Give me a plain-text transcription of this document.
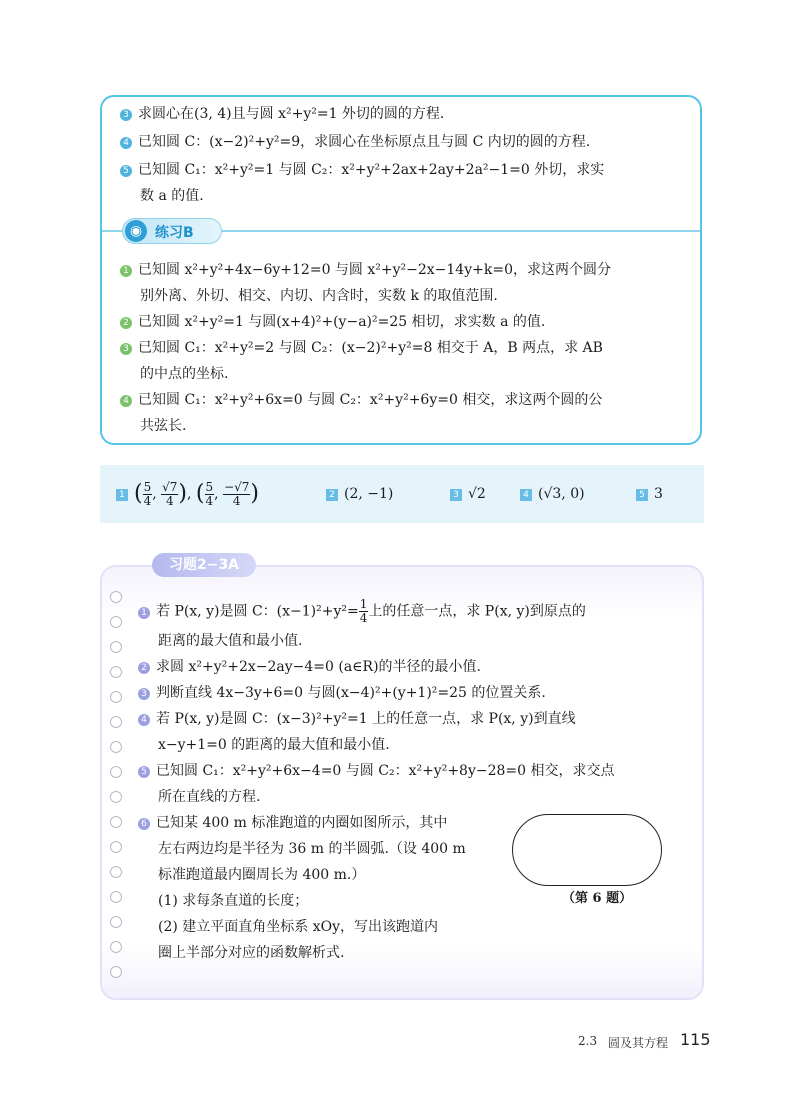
3 求圆心在(3, 4)且与圆 x²+y²=1 外切的圆的方程.
4 已知圆 C：(x−2)²+y²=9，求圆心在坐标原点且与圆 C 内切的圆的方程.
5 已知圆 C₁：x²+y²=1 与圆 C₂：x²+y²+2ax+2ay+2a²−1=0 外切，求实
数 a 的值.
◉ 练习B
1 已知圆 x²+y²+4x−6y+12=0 与圆 x²+y²−2x−14y+k=0，求这两个圆分
别外离、外切、相交、内切、内含时，实数 k 的取值范围.
2 已知圆 x²+y²=1 与圆(x+4)²+(y−a)²=25 相切，求实数 a 的值.
3 已知圆 C₁：x²+y²=2 与圆 C₂：(x−2)²+y²=8 相交于 A，B 两点，求 AB
的中点的坐标.
4 已知圆 C₁：x²+y²+6x=0 与圆 C₂：x²+y²+6y=0 相交，求这两个圆的公
共弦长.
1 ( $\frac{5}{4}$ , $\frac{√7}{4}$ ), ( $\frac{5}{4}$ , $\frac{-√7}{4}$ )	2 (2, −1)	3 √2	4 (√3, 0)	5 3
习题2−3A
1 若 P(x, y)是圆 C：$(x-1)^2+y^2= \frac{1}{4}$ 上的任意一点，求 P(x, y)到原点的
距离的最大值和最小值.
2 求圆 x²+y²+2x−2ay−4=0 (a∈R)的半径的最小值.
3 判断直线 4x−3y+6=0 与圆(x−4)²+(y+1)²=25 的位置关系.
4 若 P(x, y)是圆 C：(x−3)²+y²=1 上的任意一点，求 P(x, y)到直线
x−y+1=0 的距离的最大值和最小值.
5 已知圆 C₁：x²+y²+6x−4=0 与圆 C₂：x²+y²+8y−28=0 相交，求交点
所在直线的方程.
6 已知某 400 m 标准跑道的内圈如图所示，其中
左右两边均是半径为 36 m 的半圆弧.（设 400 m
标准跑道最内圈周长为 400 m.）
(1) 求每条直道的长度；
(2) 建立平面直角坐标系 xOy，写出该跑道内
圈上半部分对应的函数解析式.
（第 6 题）
2.3 圆及其方程 115
